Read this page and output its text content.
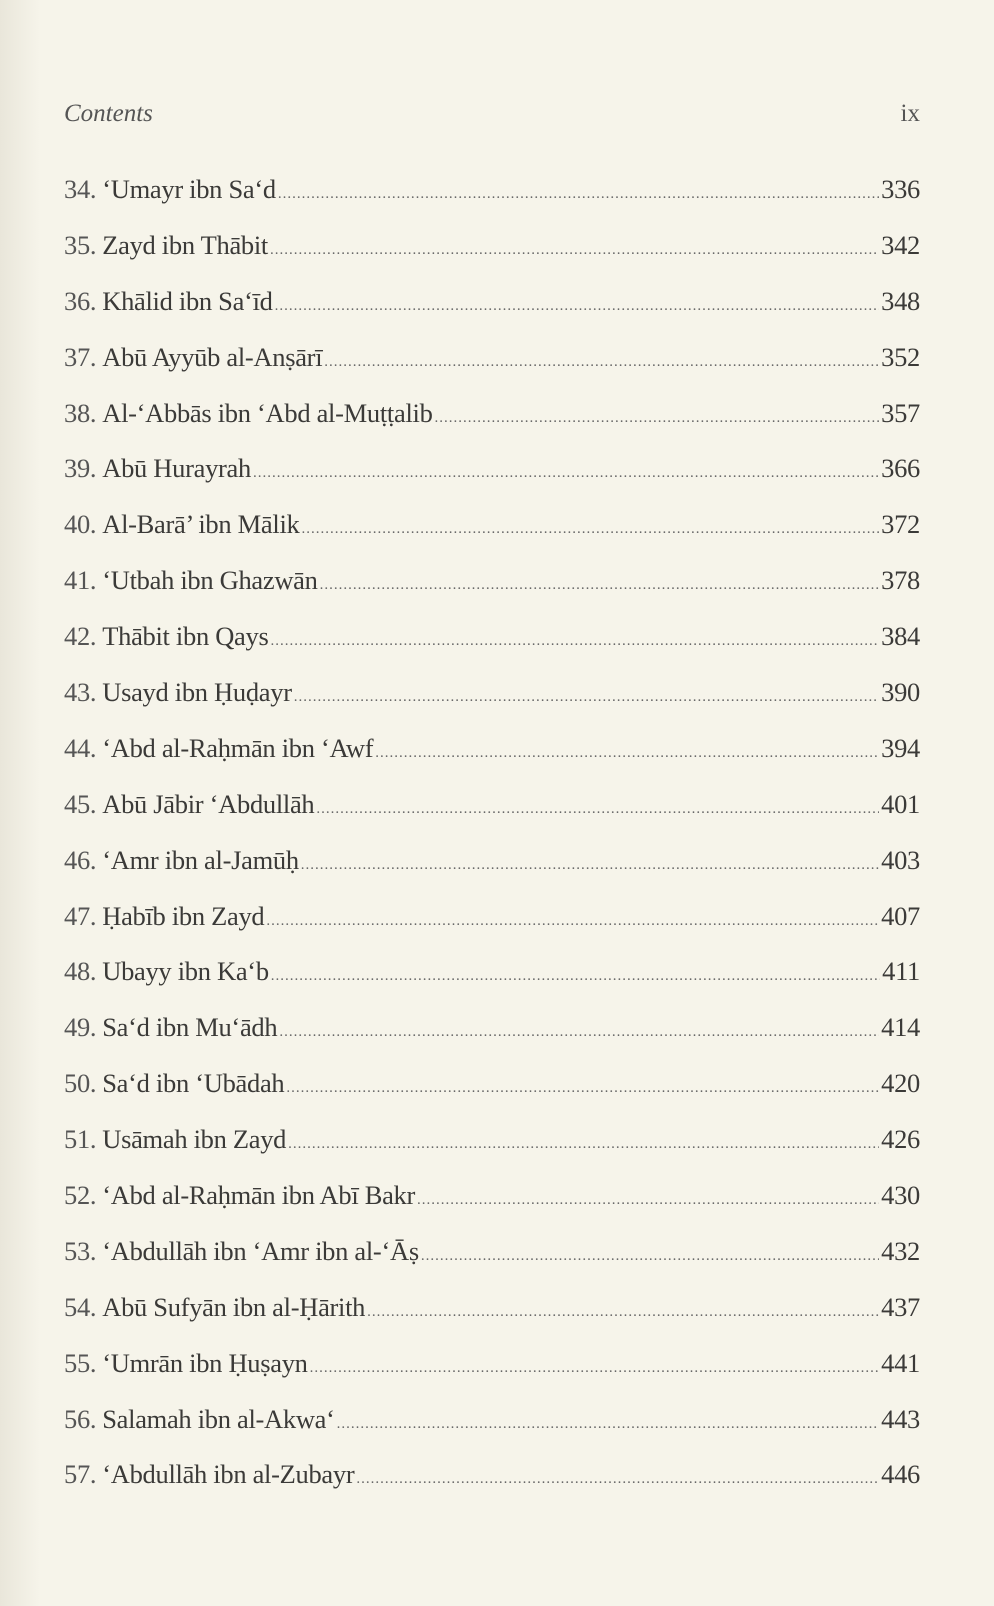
Contents	ix
34. ‘Umayr ibn Sa‘d .....	336
35. Zayd ibn Thābit .....	342
36. Khālid ibn Sa‘īd .....	348
37. Abū Ayyūb al-Anṣārī .....	352
38. Al-‘Abbās ibn ‘Abd al-Muṭṭalib .....	357
39. Abū Hurayrah .....	366
40. Al-Barā’ ibn Mālik .....	372
41. ‘Utbah ibn Ghazwān .....	378
42. Thābit ibn Qays .....	384
43. Usayd ibn Ḥuḍayr .....	390
44. ‘Abd al-Raḥmān ibn ‘Awf .....	394
45. Abū Jābir ‘Abdullāh .....	401
46. ‘Amr ibn al-Jamūḥ .....	403
47. Ḥabīb ibn Zayd .....	407
48. Ubayy ibn Ka‘b .....	411
49. Sa‘d ibn Mu‘ādh .....	414
50. Sa‘d ibn ‘Ubādah .....	420
51. Usāmah ibn Zayd .....	426
52. ‘Abd al-Raḥmān ibn Abī Bakr .....	430
53. ‘Abdullāh ibn ‘Amr ibn al-‘Āṣ .....	432
54. Abū Sufyān ibn al-Ḥārith .....	437
55. ‘Umrān ibn Ḥuṣayn .....	441
56. Salamah ibn al-Akwa‘ .....	443
57. ‘Abdullāh ibn al-Zubayr .....	446
